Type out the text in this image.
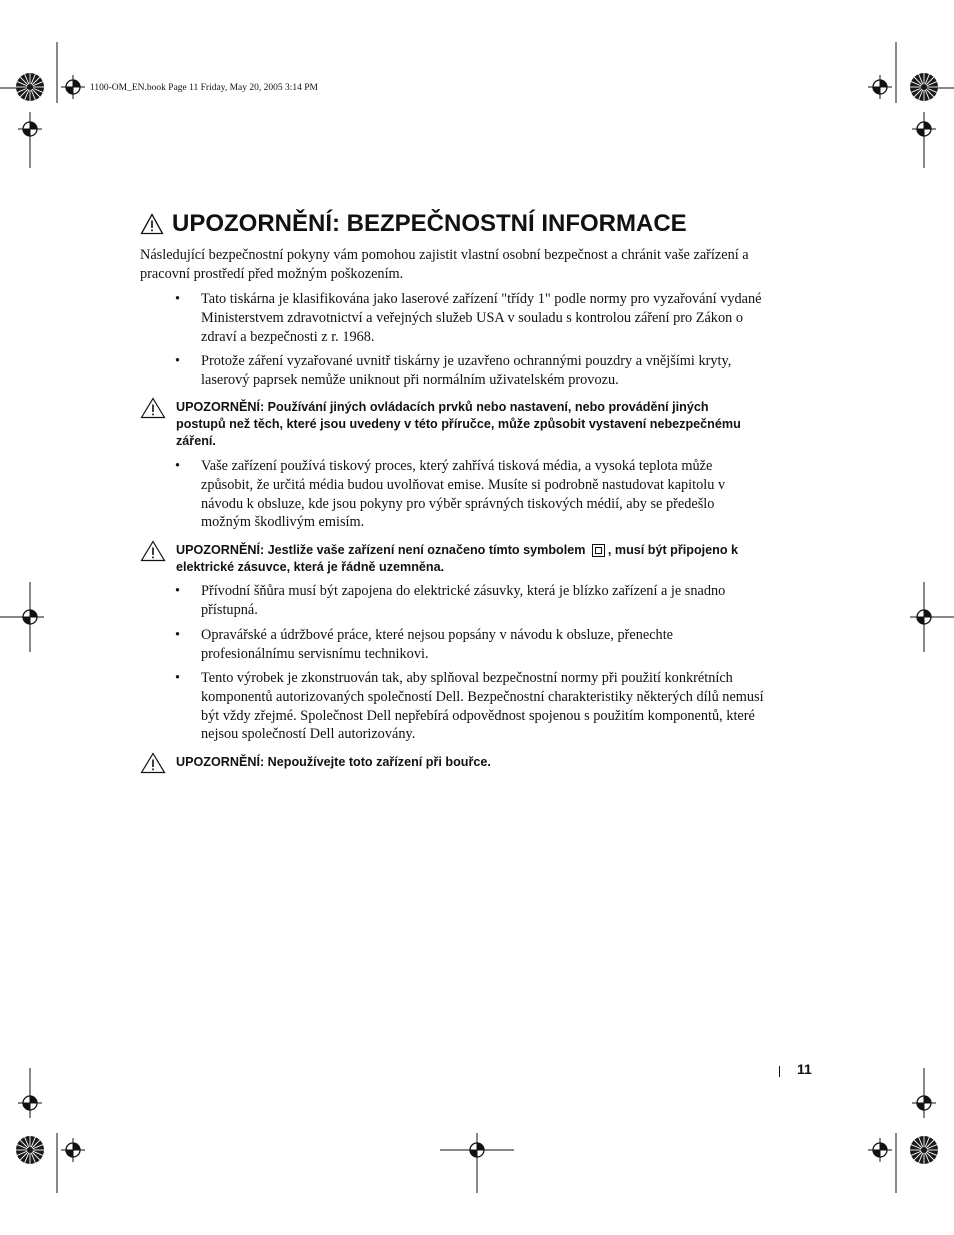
1100-OM_EN.book Page 11 Friday, May 20, 2005 3:14 PM
UPOZORNĚNÍ: BEZPEČNOSTNÍ INFORMACE

Následující bezpečnostní pokyny vám pomohou zajistit vlastní osobní bezpečnost a chránit vaše zařízení a pracovní prostředí před možným poškozením.

• Tato tiskárna je klasifikována jako laserové zařízení "třídy 1" podle normy pro vyzařování vydané Ministerstvem zdravotnictví a veřejných služeb USA v souladu s kontrolou záření pro Zákon o zdraví a bezpečnosti z r. 1968.
• Protože záření vyzařované uvnitř tiskárny je uzavřeno ochrannými pouzdry a vnějšími kryty, laserový paprsek nemůže uniknout při normálním uživatelském provozu.
UPOZORNĚNÍ: Používání jiných ovládacích prvků nebo nastavení, nebo provádění jiných postupů než těch, které jsou uvedeny v této příručce, může způsobit vystavení nebezpečnému záření.
• Vaše zařízení používá tiskový proces, který zahřívá tisková média, a vysoká teplota může způsobit, že určitá média budou uvolňovat emise. Musíte si podrobně nastudovat kapitolu v návodu k obsluze, kde jsou pokyny pro výběr správných tiskových médií, aby se předešlo možným škodlivým emisím.
UPOZORNĚNÍ: Jestliže vaše zařízení není označeno tímto symbolem , musí být připojeno k elektrické zásuvce, která je řádně uzemněna.
• Přívodní šňůra musí být zapojena do elektrické zásuvky, která je blízko zařízení a je snadno přístupná.
• Opravářské a údržbové práce, které nejsou popsány v návodu k obsluze, přenechte profesionálnímu servisnímu technikovi.
• Tento výrobek je zkonstruován tak, aby splňoval bezpečnostní normy při použití konkrétních komponentů autorizovaných společností Dell. Bezpečnostní charakteristiky některých dílů nemusí být vždy zřejmé. Společnost Dell nepřebírá odpovědnost spojenou s použitím komponentů, které nejsou společností Dell autorizovány.
UPOZORNĚNÍ: Nepoužívejte toto zařízení při bouřce.
11
